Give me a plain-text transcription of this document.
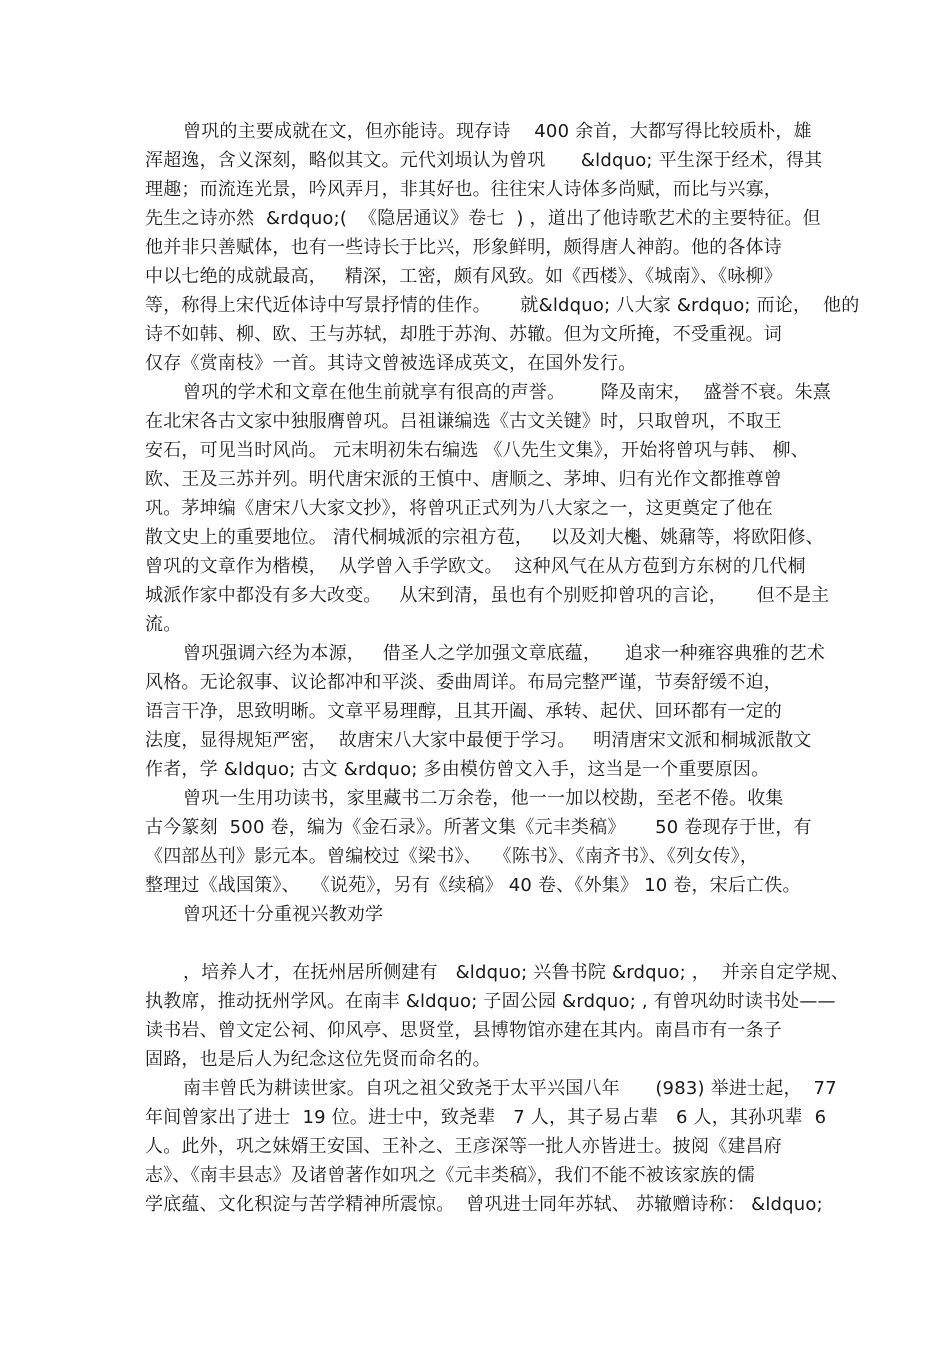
曾巩的主要成就在文，但亦能诗。现存诗    400 余首，大都写得比较质朴，雄
浑超逸，含义深刻，略似其文。元代刘埙认为曾巩      &ldquo; 平生深于经术，得其
理趣；而流连光景，吟风弄月，非其好也。往往宋人诗体多尚赋，而比与兴寡，
先生之诗亦然  &rdquo;(  《隐居通议》卷七  ) ，道出了他诗歌艺术的主要特征。但
他并非只善赋体，也有一些诗长于比兴，形象鲜明，颇得唐人神韵。他的各体诗
中以七绝的成就最高，   精深，工密，颇有风致。如《西楼》、《城南》、《咏柳》
等，称得上宋代近体诗中写景抒情的佳作。     就&ldquo; 八大家 &rdquo; 而论，  他的
诗不如韩、柳、欧、王与苏轼，却胜于苏洵、苏辙。但为文所掩，不受重视。词
仅存《赏南枝》一首。其诗文曾被选译成英文，在国外发行。
曾巩的学术和文章在他生前就享有很高的声誉。      降及南宋，  盛誉不衰。朱熹
在北宋各古文家中独服膺曾巩。吕祖谦编选《古文关键》时，只取曾巩，不取王
安石，可见当时风尚。 元末明初朱右编选 《八先生文集》，开始将曾巩与韩、 柳、
欧、王及三苏并列。明代唐宋派的王慎中、唐顺之、茅坤、归有光作文都推尊曾
巩。茅坤编《唐宋八大家文抄》，将曾巩正式列为八大家之一，这更奠定了他在
散文史上的重要地位。 清代桐城派的宗祖方苞，   以及刘大櫆、姚鼐等，将欧阳修、
曾巩的文章作为楷模，  从学曾入手学欧文。  这种风气在从方苞到方东树的几代桐
城派作家中都没有多大改变。   从宋到清，虽也有个别贬抑曾巩的言论，     但不是主
流。
曾巩强调六经为本源，   借圣人之学加强文章底蕴，    追求一种雍容典雅的艺术
风格。无论叙事、议论都冲和平淡、委曲周详。布局完整严谨，节奏舒缓不迫，
语言干净，思致明晰。文章平易理醇，且其开阖、承转、起伏、回环都有一定的
法度，显得规矩严密，  故唐宋八大家中最便于学习。   明清唐宋文派和桐城派散文
作者，学 &ldquo; 古文 &rdquo; 多由模仿曾文入手，这当是一个重要原因。
曾巩一生用功读书，家里藏书二万余卷，他一一加以校勘，至老不倦。收集
古今篆刻  500 卷，编为《金石录》。所著文集《元丰类稿》     50 卷现存于世，有
《四部丛刊》影元本。曾编校过《梁书》、  《陈书》、《南齐书》、《列女传》，
整理过《战国策》、  《说苑》，另有《续稿》 40 卷、《外集》 10 卷，宋后亡佚。
曾巩还十分重视兴教劝学
，培养人才，在抚州居所侧建有   &ldquo; 兴鲁书院 &rdquo; ，  并亲自定学规、
执教席，推动抚州学风。在南丰 &ldquo; 子固公园 &rdquo; , 有曾巩幼时读书处——
读书岩、曾文定公祠、仰风亭、思贤堂，县博物馆亦建在其内。南昌市有一条子
固路，也是后人为纪念这位先贤而命名的。
南丰曾氏为耕读世家。自巩之祖父致尧于太平兴国八年      (983) 举进士起，  77
年间曾家出了进士  19 位。进士中，致尧辈   7 人，其子易占辈   6 人，其孙巩辈  6
人。此外，巩之妹婿王安国、王补之、王彦深等一批人亦皆进士。披阅《建昌府
志》、《南丰县志》及诸曾著作如巩之《元丰类稿》，我们不能不被该家族的儒
学底蕴、文化积淀与苦学精神所震惊。  曾巩进士同年苏轼、 苏辙赠诗称： &ldquo;
